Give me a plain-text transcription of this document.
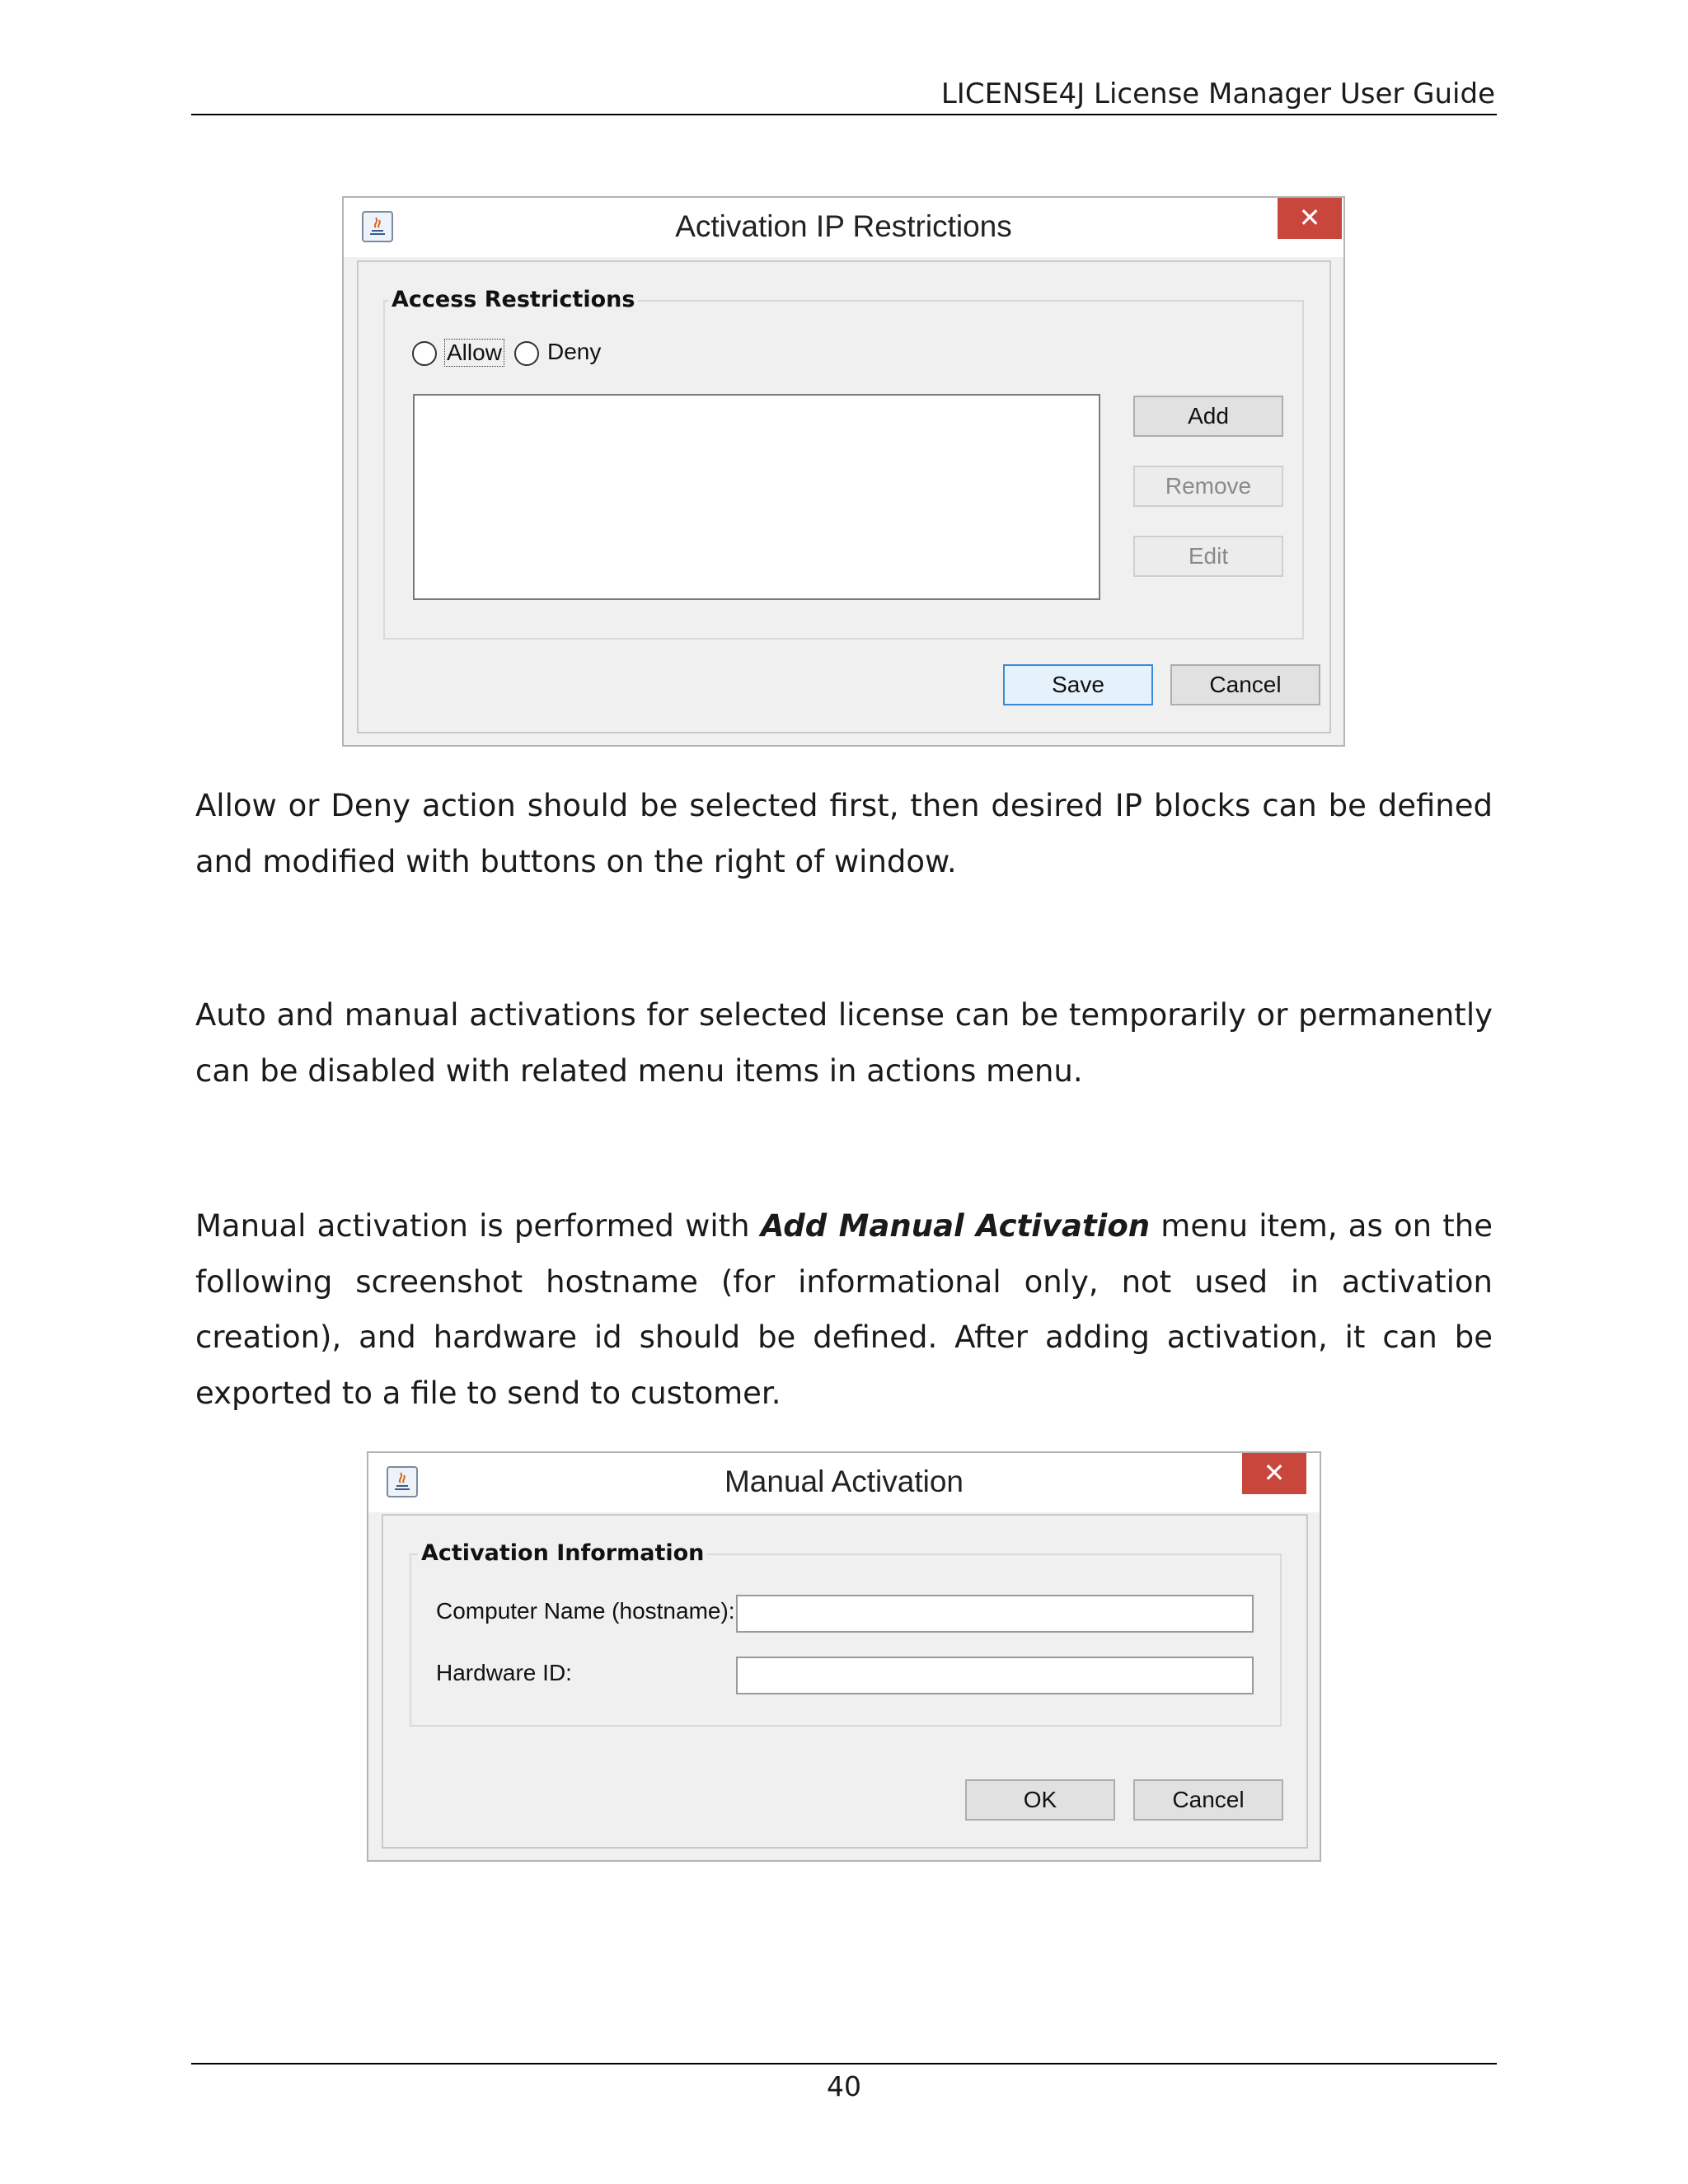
LICENSE4J License Manager User Guide
Activation IP Restrictions	✕
Access Restrictions
Allow Deny
Add
Remove
Edit
Save	Cancel
Allow or Deny action should be selected first, then desired IP blocks can be defined and modified with buttons on the right of window.
Auto and manual activations for selected license can be temporarily or permanently can be disabled with related menu items in actions menu.
Manual activation is performed with Add Manual Activation menu item, as on the following screenshot hostname (for informational only, not used in activation creation), and hardware id should be defined. After adding activation, it can be exported to a file to send to customer.
Manual Activation	✕
Activation Information
Computer Name (hostname):
Hardware ID:
OK	Cancel
40
